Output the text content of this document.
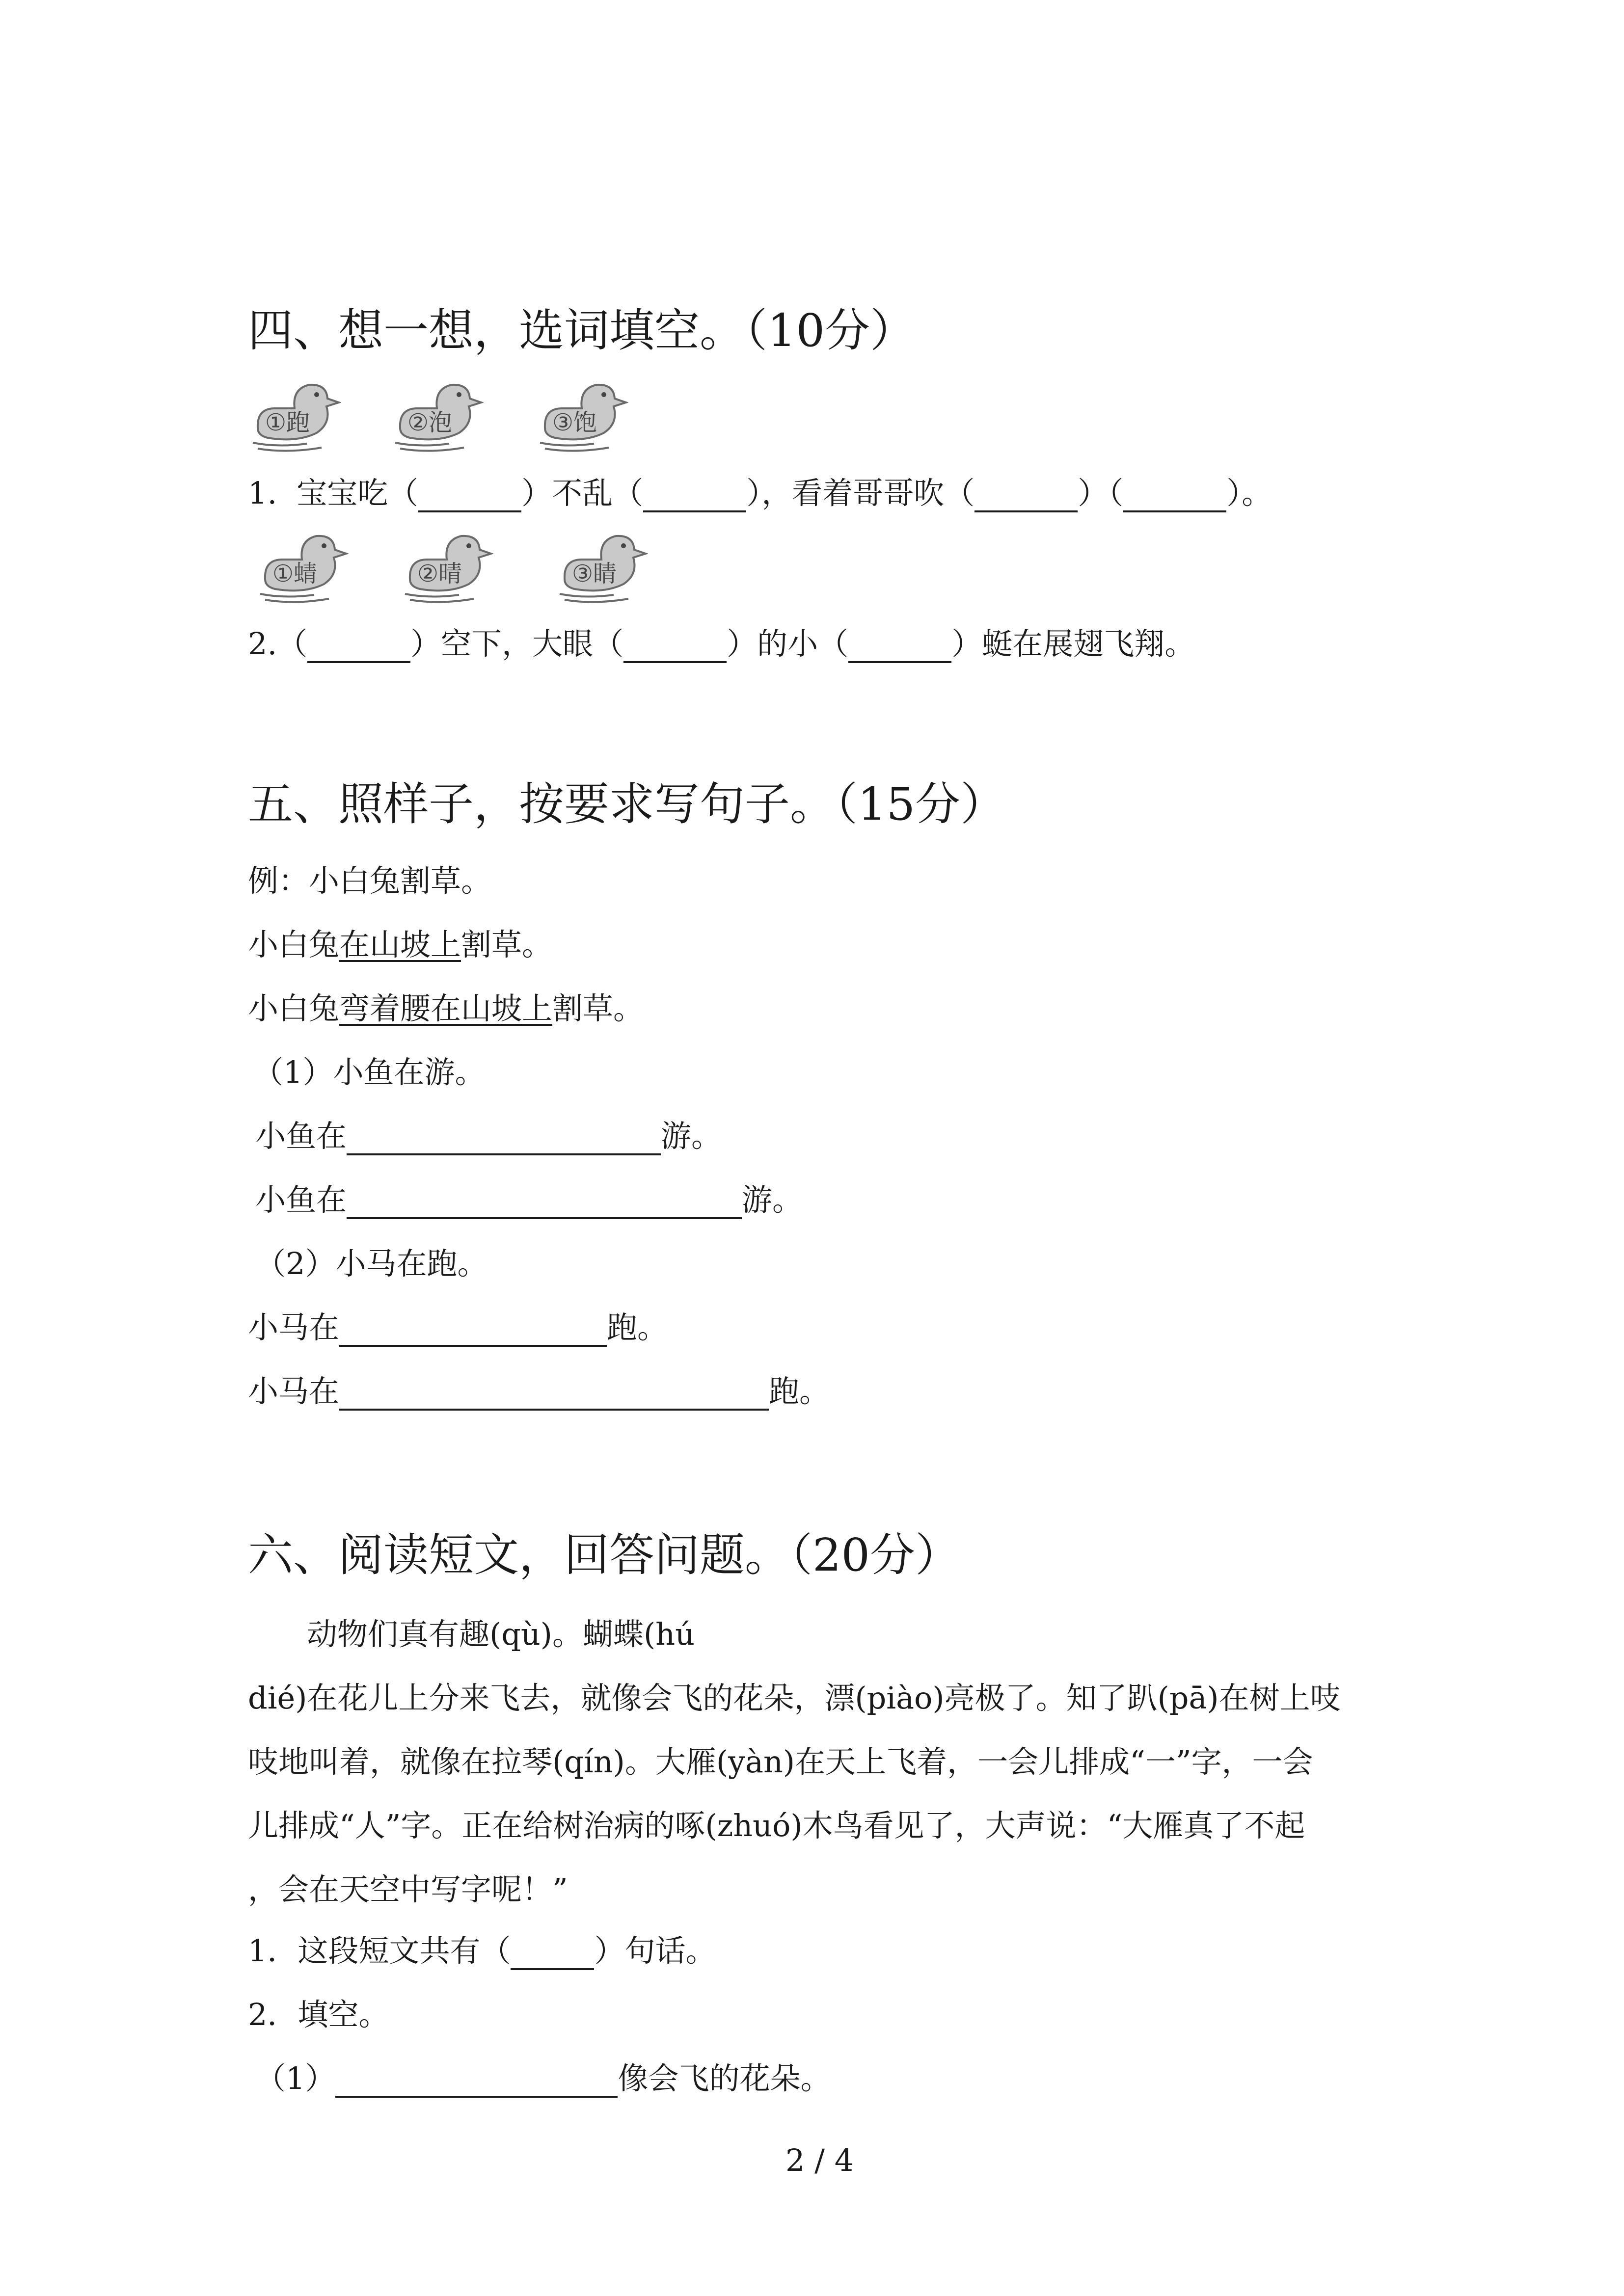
四、想一想，选词填空。（10分）
①跑	②泡	③饱
1. 宝宝吃（	）不乱（	），看着哥哥吹（	）（	）。
①蜻	②晴	③睛
2.（	）空下，大眼（	）的小（	）蜓在展翅飞翔。
五、照样子，按要求写句子。（15分）
例：小白兔割草。
小白兔在山坡上割草。
小白兔弯着腰在山坡上割草。
（1）小鱼在游。
小鱼在	游。
小鱼在	游。
（2）小马在跑。
小马在	跑。
小马在	跑。
六、阅读短文，回答问题。（20分）
动物们真有趣(qù)。蝴蝶(hú
dié)在花儿上分来飞去，就像会飞的花朵，漂(piào)亮极了。知了趴(pā)在树上吱
吱地叫着，就像在拉琴(qín)。大雁(yàn)在天上飞着，一会儿排成“一”字，一会
儿排成“人”字。正在给树治病的啄(zhuó)木鸟看见了，大声说：“大雁真了不起
，会在天空中写字呢！”
1．这段短文共有（	）句话。
2．填空。
（1）	像会飞的花朵。
2 / 4
